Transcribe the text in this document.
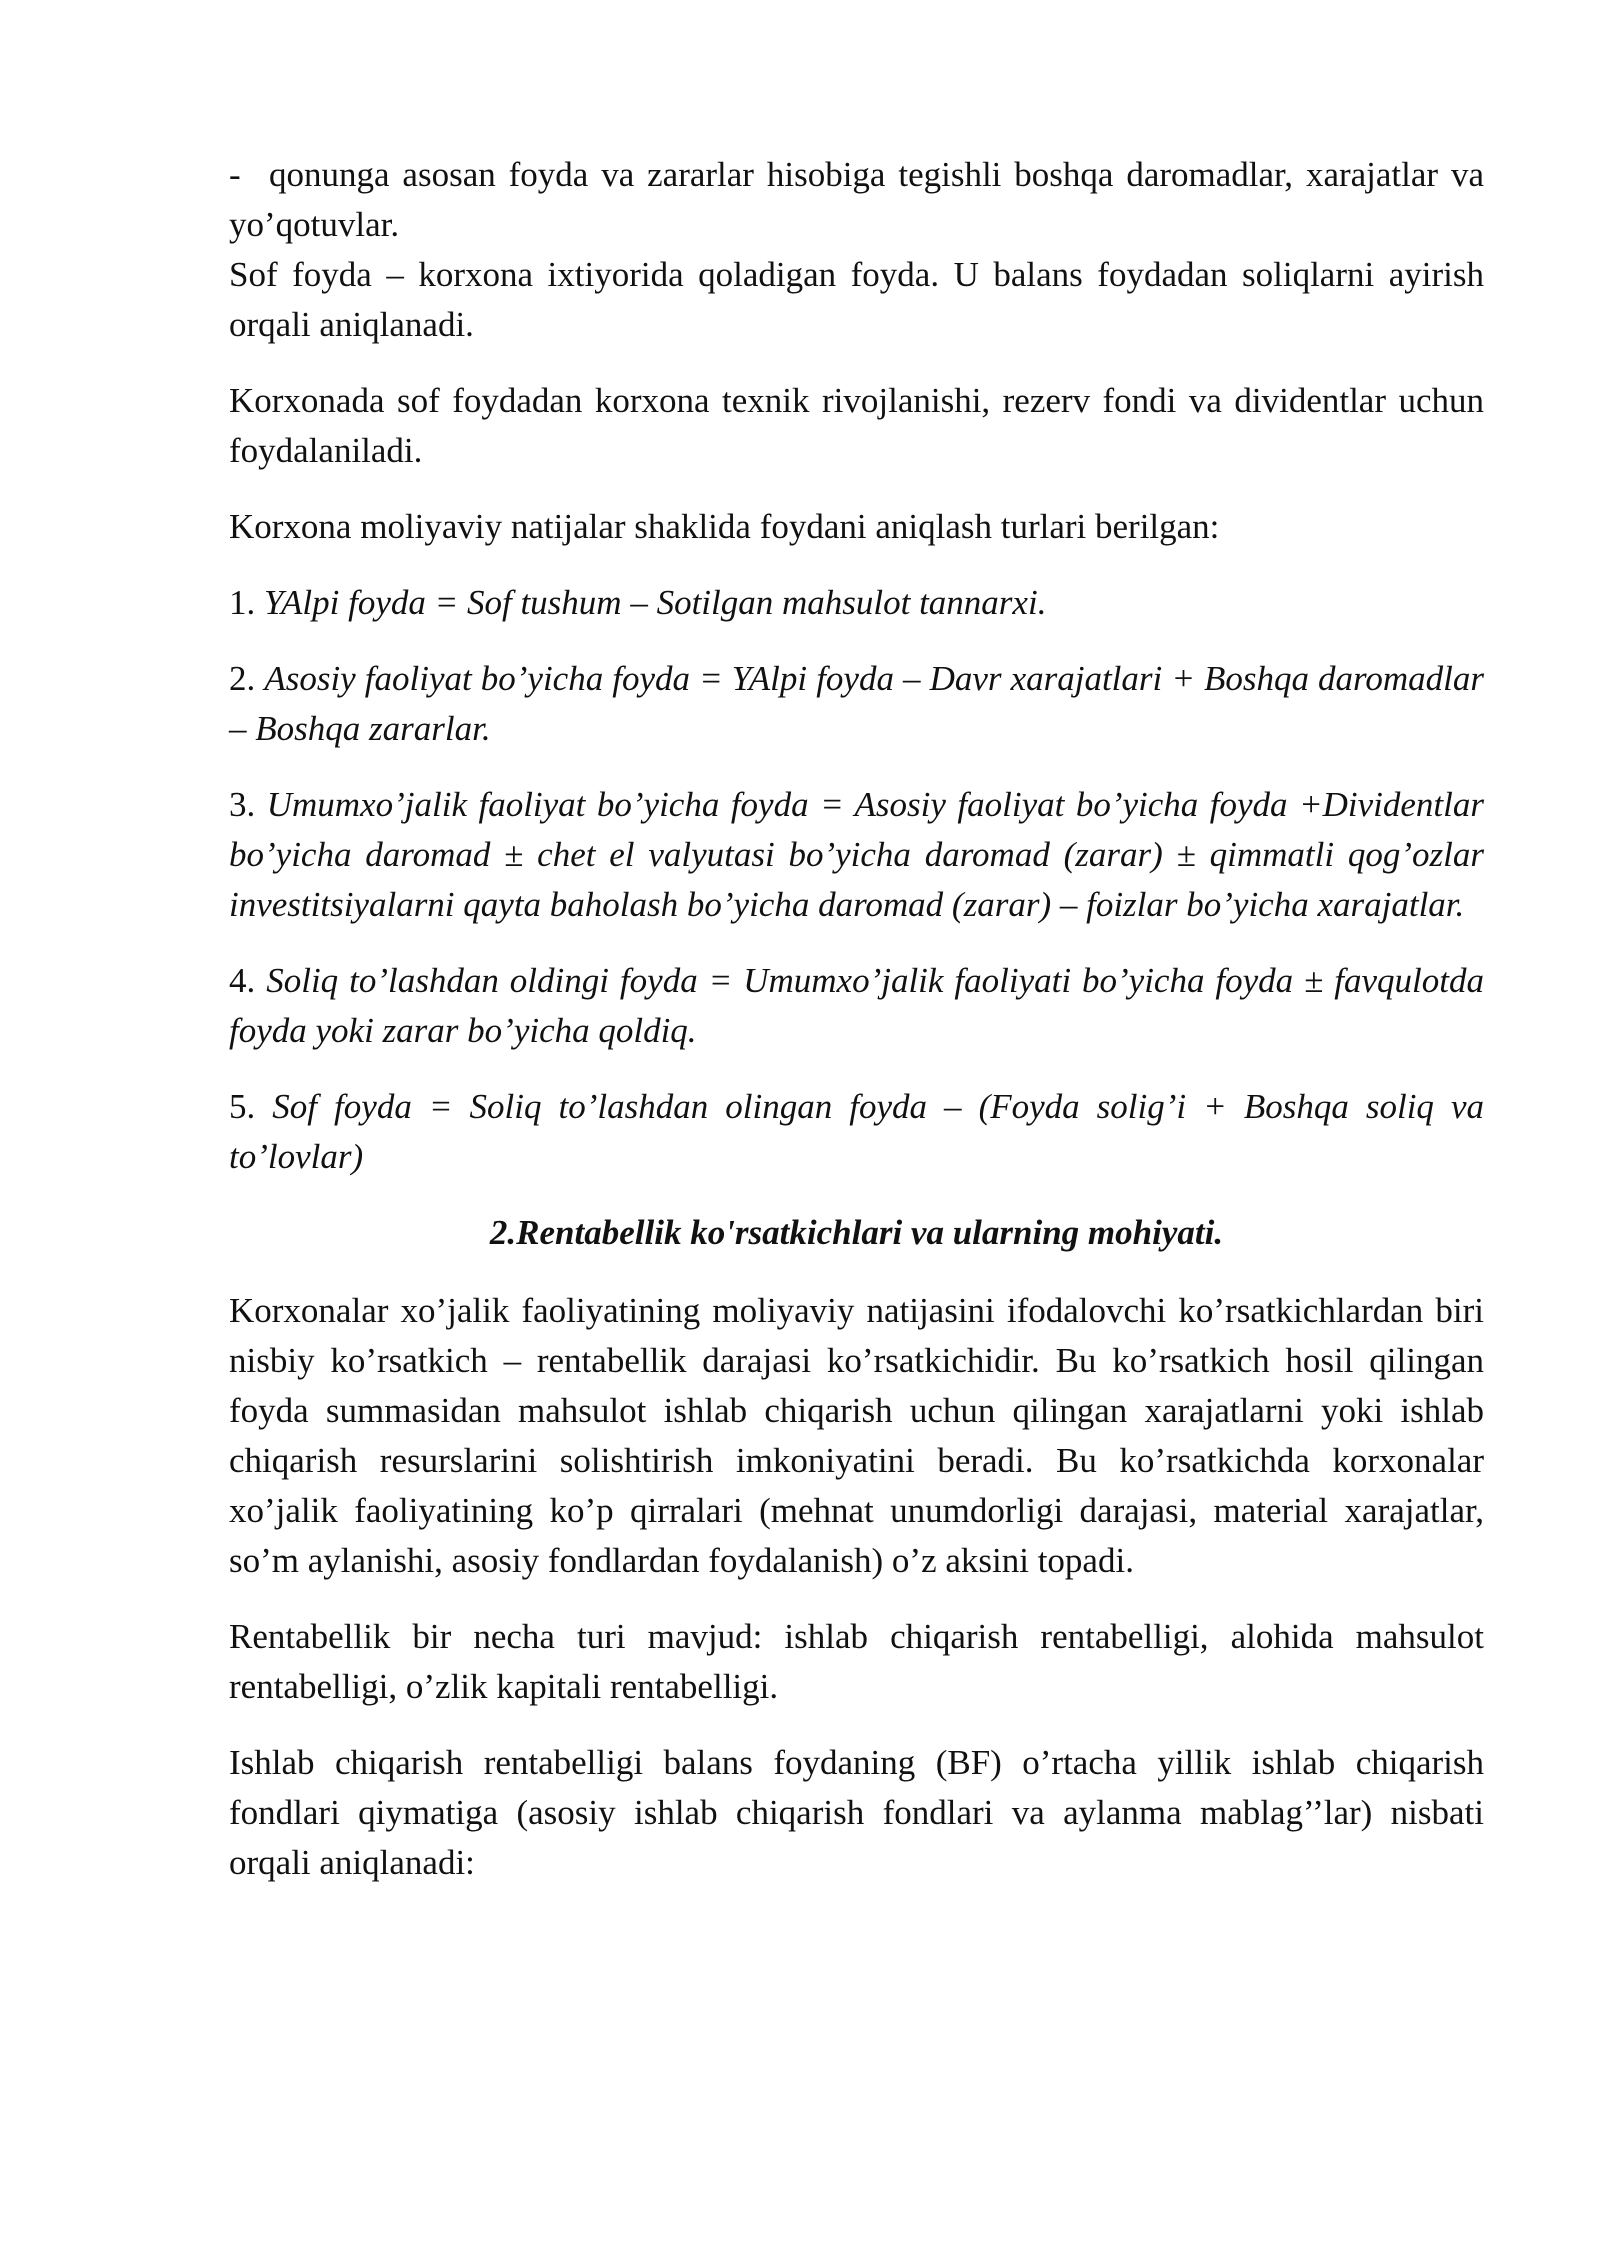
- qonunga asosan foyda va zararlar hisobiga tegishli boshqa daromadlar, xarajatlar va yo’qotuvlar.

Sof foyda – korxona ixtiyorida qoladigan foyda. U balans foydadan soliqlarni ayirish orqali aniqlanadi.

Korxonada sof foydadan korxona texnik rivojlanishi, rezerv fondi va dividentlar uchun foydalaniladi.

Korxona moliyaviy natijalar shaklida foydani aniqlash turlari berilgan:

1. YAlpi foyda = Sof tushum – Sotilgan mahsulot tannarxi.

2. Asosiy faoliyat bo’yicha foyda = YAlpi foyda – Davr xarajatlari + Boshqa daromadlar – Boshqa zararlar.

3. Umumxo’jalik faoliyat bo’yicha foyda = Asosiy faoliyat bo’yicha foyda +Dividentlar bo’yicha daromad ± chet el valyutasi bo’yicha daromad (zarar) ± qimmatli qog’ozlar investitsiyalarni qayta baholash bo’yicha daromad (zarar) – foizlar bo’yicha xarajatlar.

4. Soliq to’lashdan oldingi foyda = Umumxo’jalik faoliyati bo’yicha foyda ± favqulotda foyda yoki zarar bo’yicha qoldiq.

5. Sof foyda = Soliq to’lashdan olingan foyda – (Foyda solig’i + Boshqa soliq va to’lovlar)

2.Rentabellik ko'rsatkichlari va ularning mohiyati.

Korxonalar xo’jalik faoliyatining moliyaviy natijasini ifodalovchi ko’rsatkichlardan biri nisbiy ko’rsatkich – rentabellik darajasi ko’rsatkichidir. Bu ko’rsatkich hosil qilingan foyda summasidan mahsulot ishlab chiqarish uchun qilingan xarajatlarni yoki ishlab chiqarish resurslarini solishtirish imkoniyatini beradi. Bu ko’rsatkichda korxonalar xo’jalik faoliyatining ko’p qirralari (mehnat unumdorligi darajasi, material xarajatlar, so’m aylanishi, asosiy fondlardan foydalanish) o’z aksini topadi.

Rentabellik bir necha turi mavjud: ishlab chiqarish rentabelligi, alohida mahsulot rentabelligi, o’zlik kapitali rentabelligi.

Ishlab chiqarish rentabelligi balans foydaning (BF) o’rtacha yillik ishlab chiqarish fondlari qiymatiga (asosiy ishlab chiqarish fondlari va aylanma mablag’’lar) nisbati orqali aniqlanadi:
